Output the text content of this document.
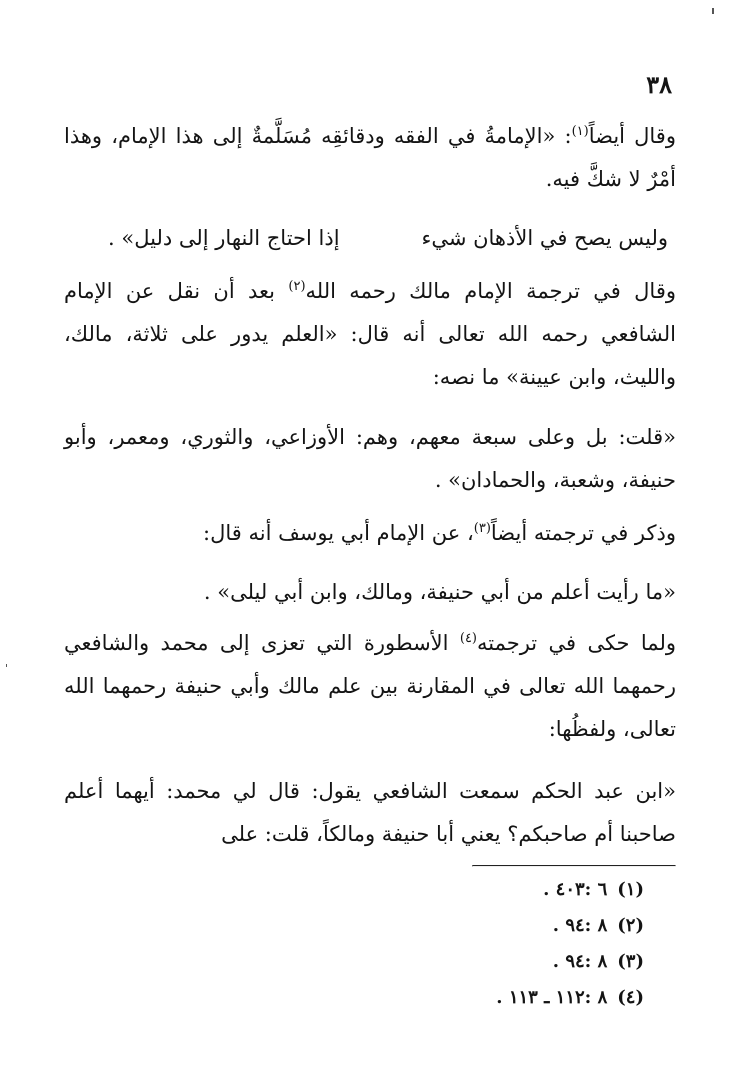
٣٨

وقال أيضاً$^{(١)}$: «الإمامةُ في الفقه ودقائقِه مُسَلَّمةٌ إلى هذا الإمام، وهذا أمْرٌ لا شكَّ فيه.

وليس يصح في الأذهان شيء
إذا احتاج النهار إلى دليل» .

وقال في ترجمة الإمام مالك رحمه الله$^{(٢)}$ بعد أن نقل عن الإمام الشافعي رحمه الله تعالى أنه قال: «العلم يدور على ثلاثة، مالك، والليث، وابن عيينة» ما نصه:

«قلت: بل وعلى سبعة معهم، وهم: الأوزاعي، والثوري، ومعمر، وأبو حنيفة، وشعبة، والحمادان» .

وذكر في ترجمته أيضاً$^{(٣)}$، عن الإمام أبي يوسف أنه قال:

«ما رأيت أعلم من أبي حنيفة، ومالك، وابن أبي ليلى» .

ولما حكى في ترجمته$^{(٤)}$ الأسطورة التي تعزى إلى محمد والشافعي رحمهما الله تعالى في المقارنة بين علم مالك وأبي حنيفة رحمهما الله تعالى، ولفظُها:

«ابن عبد الحكم سمعت الشافعي يقول: قال لي محمد: أيهما أعلم صاحبنا أم صاحبكم؟ يعني أبا حنيفة ومالكاً، قلت: على

(١)٦ :٤٠٣ .
(٢)٨ :٩٤ .
(٣)٨ :٩٤ .
(٤)٨ :١١٢ ـ ١١٣ .
